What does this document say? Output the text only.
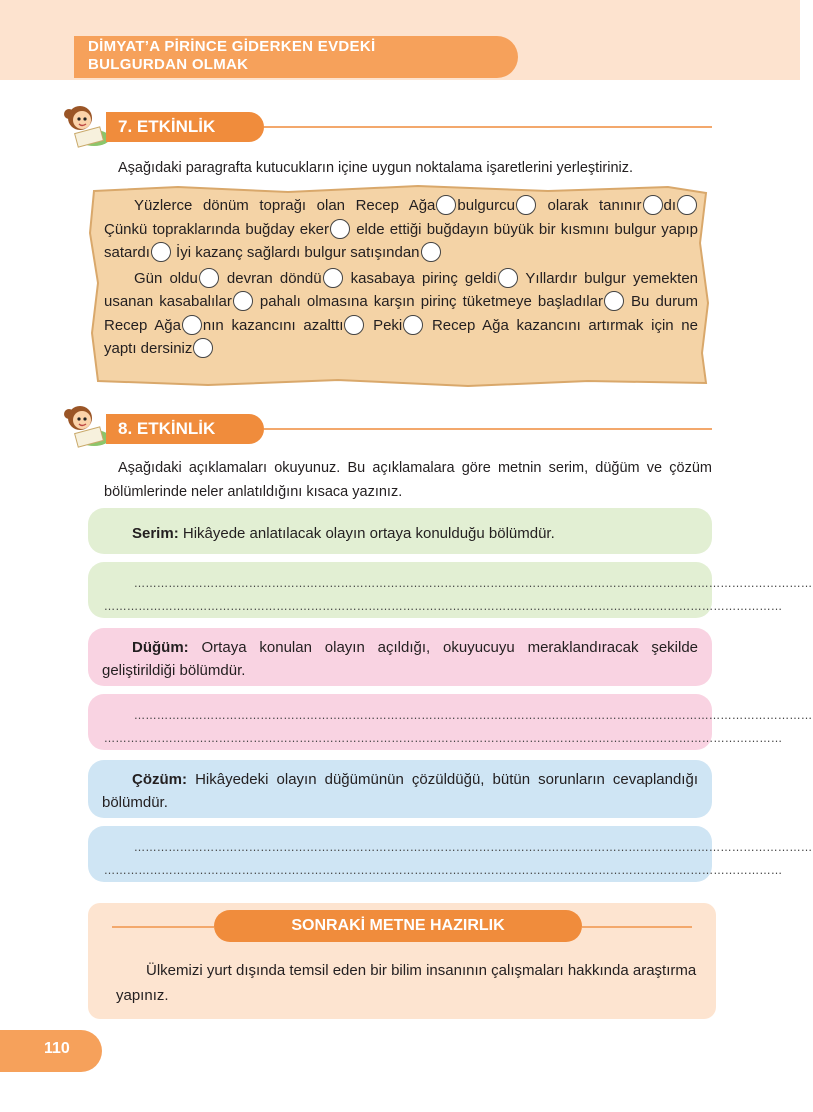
DİMYAT’A PİRİNCE GİDERKEN EVDEKİ
BULGURDAN OLMAK
7. ETKİNLİK
Aşağıdaki paragrafta kutucukların içine uygun noktalama işaretlerini yerleştiriniz.

Yüzlerce dönüm toprağı olan Recep Ağa bulgurcu olarak tanınır dı Çünkü topraklarında buğday eker elde ettiği buğdayın büyük bir kısmını bulgur yapıp satardı İyi kazanç sağlardı bulgur satışından

Gün oldu devran döndü kasabaya pirinç geldi Yıllardır bulgur yemekten usanan kasabalılar pahalı olmasına karşın pirinç tüketmeye başladılar Bu durum Recep Ağa nın kazancını azalttı Peki Recep Ağa kazancını artırmak için ne yaptı dersiniz

8. ETKİNLİK
Aşağıdaki açıklamaları okuyunuz. Bu açıklamalara göre metnin serim, düğüm ve çözüm bölümlerinde neler anlatıldığını kısaca yazınız.
Serim: Hikâyede anlatılacak olayın ortaya konulduğu bölümdür.
……………………………………………………………………………………………………………………………………………………………
……………………………………………………………………………………………………………………………………………………………
Düğüm: Ortaya konulan olayın açıldığı, okuyucuyu meraklandıracak şekilde geliştirildiği bölümdür.
……………………………………………………………………………………………………………………………………………………………
……………………………………………………………………………………………………………………………………………………………
Çözüm: Hikâyedeki olayın düğümünün çözüldüğü, bütün sorunların cevaplandığı bölümdür.
……………………………………………………………………………………………………………………………………………………………
……………………………………………………………………………………………………………………………………………………………
SONRAKİ METNE HAZIRLIK
Ülkemizi yurt dışında temsil eden bir bilim insanının çalışmaları hakkında araştırma yapınız.
110
